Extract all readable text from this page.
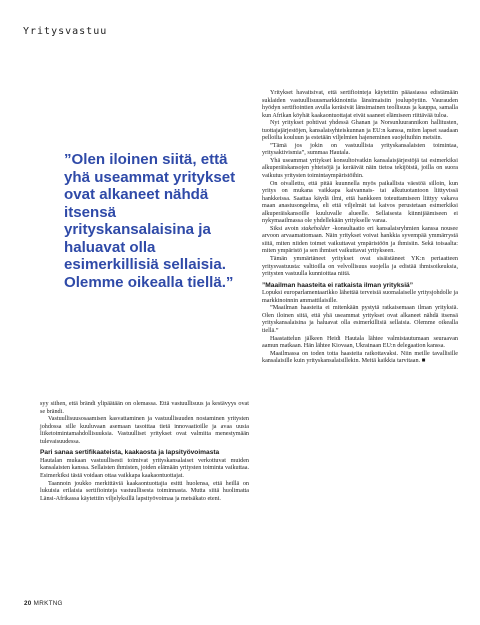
Yritysvastuu
”Olen iloinen siitä, että yhä useammat yritykset ovat alkaneet nähdä itsensä yrityskansalaisina ja haluavat olla esimerkillisiä sellaisia. Olemme oikealla tiellä.”

syy siihen, että brändi ylipäätään on olemassa. Että vastuullisuus ja kestävyys ovat se brändi.

Vastuullisuusosaamisen kasvattaminen ja vastuullisuuden nostaminen yritysten johdossa sille kuuluvaan asemaan tasoittaa tietä innovaatioille ja avaa uusia liiketoimintamahdollisuuksia. Vastuulliset yritykset ovat valmiita menestymään tulevaisuudessa.

Pari sanaa sertifikaateista, kaakaosta ja lapsityövoimasta

Hautalan mukaan vastuullisesti toimivat yrityskansalaiset verkottuvat muiden kansalaisten kanssa. Sellaisten ihmisten, joiden elämään yritysten toiminta vaikuttaa. Esimerkiksi tästä voidaan ottaa vaikkapa kaakaontuottajat.

Taannoin joukko merkittäviä kaakaontuottajia esitti huolensa, että heillä on lukuisia erilaisia sertifiointeja vastuullisesta toiminnasta. Mutta siitä huolimatta Länsi-Afrikassa käytettiin viljelyksillä lapsityövoimaa ja metsäkato eteni.

Yritykset havaitsivat, että sertifiointeja käytettiin pääasiassa edistämään suklaiden vastuullisuusmarkkinointia länsimaisiin joulupöytiin. Vaurauden hyödyn sertifiointien avulla keräsivät länsimainen teollisuus ja kauppa, samalla kun Afrikan köyhät kaakaontuottajat eivät saaneet elämiseen riittävää tuloa.

Nyt yritykset pohtivat yhdessä Ghanan ja Norsunluurannikon hallitusten, tuottajajärjestöjen, kansalaisyhteiskunnan ja EU:n kanssa, miten lapset saadaan pelloilta kouluun ja estetään viljelmien hajeneminen suojeltuihin metsiin.

”Tämä jos jokin on vastuullista yrityskansalaisten toimintaa, yritysaktivismia”, summaa Hautala.

Yhä useammat yritykset konsultoivatkin kansalaisjärjestöjä tai esimerkiksi alkuperäiskansojen yhteisöjä ja keräävät näin tietoa tekijöistä, joilla on suora vaikutus yritysten toimintaympäristöihin.

On oivallettu, että pitää kuunnella myös paikallista väestöä silloin, kun yritys on mukana vaikkapa kaivannais- tai alkutuotantoon liittyvissä hankkeissa. Saattaa käydä ilmi, että hankkeen toteuttamiseen liittyy vakava maan anastusongelma, eli että viljelmät tai kaivos perustetaan esimerkiksi alkuperäiskansoille kuuluvalle alueelle. Sellaisesta kiinnijäämiseen ei nykymaailmassa ole yhdellekään yritykselle varaa.

Siksi avoin stakeholder -konsultaatio eri kansalaisryhmien kanssa nousee arvoon arvaamattomaan. Näin yritykset voivat hankkia syvempää ymmärrystä siitä, miten niiden toimet vaikuttavat ympäristöön ja ihmisiin. Sekä toisaalta: miten ympäristö ja sen ihmiset vaikuttavat yritykseen.

Tämän ymmärtäneet yritykset ovat sisäistäneet YK:n periaatteen yritysvastuusta: valtioilla on velvollisuus suojella ja edistää ihmisoikeuksia, yritysten vastuulla kunnioittaa niitä.

”Maailman haasteita ei ratkaista ilman yrityksiä”

Lopuksi europarlamentaarikko lähettää terveisiä suomalaiselle yritysjohdolle ja markkinoinnin ammattilaisille.

”Maailman haasteita ei mitenkään pystytä ratkaisemaan ilman yrityksiä. Olen iloinen siitä, että yhä useammat yritykset ovat alkaneet nähdä itsensä yrityskansalaisina ja haluavat olla esimerkillisiä sellaisia. Olemme oikealla tiellä.”

Haastattelun jälkeen Heidi Hautala lähtee valmistautumaan seuraavan aamun matkaan. Hän lähtee Kiovaan, Ukrainaan EU:n delegaation kanssa.

Maailmassa on toden totta haasteita ratkottavaksi. Niin meille tavallisille kansalaisille kuin yrityskansalaisillekin. Meitä kaikkia tarvitaan. ■

20 MRKTNG
